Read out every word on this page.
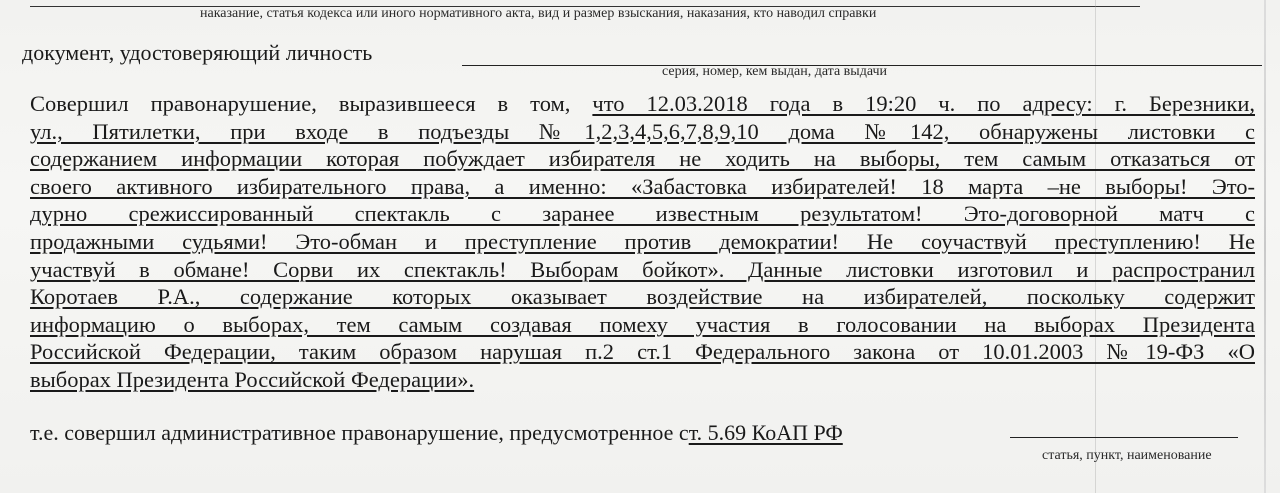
наказание, статья кодекса или иного нормативного акта, вид и размер взыскания, наказания, кто наводил справки
документ, удостоверяющий личность
серия, номер, кем выдан, дата выдачи
Совершил правонарушение, выразившееся в том, что 12.03.2018 года в 19:20 ч. по адресу: г. Березники,
ул., Пятилетки, при входе в подъезды №1,2,3,4,5,6,7,8,9,10 дома №142, обнаружены листовки с
содержанием информации которая побуждает избирателя не ходить на выборы, тем самым отказаться от
своего активного избирательного права, а именно: «Забастовка избирателей! 18 марта –не выборы! Это-
дурно срежиссированный спектакль с заранее известным результатом! Это-договорной матч с
продажными судьями! Это-обман и преступление против демократии! Не соучаствуй преступлению! Не
участвуй в обмане! Сорви их спектакль! Выборам бойкот». Данные листовки изготовил и распространил
Коротаев Р.А., содержание которых оказывает воздействие на избирателей, поскольку содержит
информацию о выборах, тем самым создавая помеху участия в голосовании на выборах Президента
Российской Федерации, таким образом нарушая п.2 ст.1 Федерального закона от 10.01.2003 №19-ФЗ «О
выборах Президента Российской Федерации».
т.е. совершил административное правонарушение, предусмотренное ст. 5.69 КоАП РФ
статья, пункт, наименование
